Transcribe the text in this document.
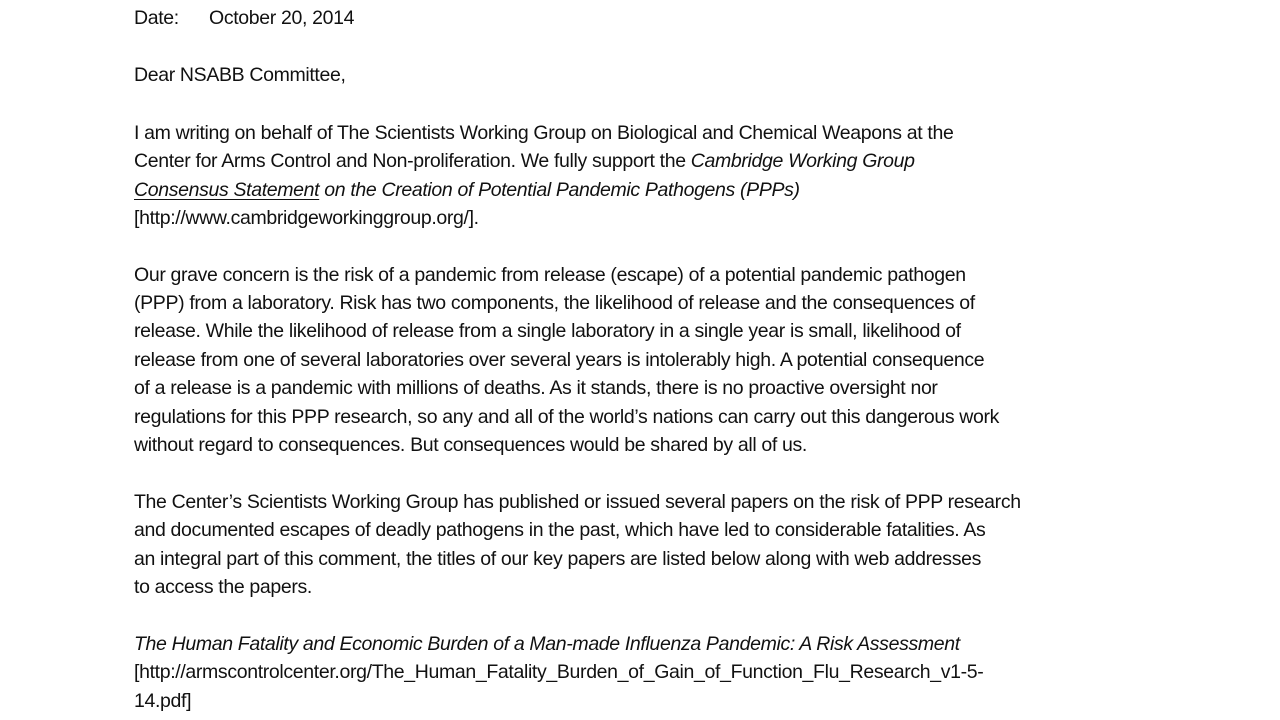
Date: October 20, 2014
Dear NSABB Committee,
I am writing on behalf of The Scientists Working Group on Biological and Chemical Weapons at the
Center for Arms Control and Non-proliferation. We fully support the Cambridge Working Group
Consensus Statement on the Creation of Potential Pandemic Pathogens (PPPs)
[http://www.cambridgeworkinggroup.org/].
Our grave concern is the risk of a pandemic from release (escape) of a potential pandemic pathogen
(PPP) from a laboratory. Risk has two components, the likelihood of release and the consequences of
release. While the likelihood of release from a single laboratory in a single year is small, likelihood of
release from one of several laboratories over several years is intolerably high. A potential consequence
of a release is a pandemic with millions of deaths. As it stands, there is no proactive oversight nor
regulations for this PPP research, so any and all of the world’s nations can carry out this dangerous work
without regard to consequences. But consequences would be shared by all of us.
The Center’s Scientists Working Group has published or issued several papers on the risk of PPP research
and documented escapes of deadly pathogens in the past, which have led to considerable fatalities. As
an integral part of this comment, the titles of our key papers are listed below along with web addresses
to access the papers.
The Human Fatality and Economic Burden of a Man-made Influenza Pandemic: A Risk Assessment
[http://armscontrolcenter.org/The_Human_Fatality_Burden_of_Gain_of_Function_Flu_Research_v1-5-
14.pdf]
